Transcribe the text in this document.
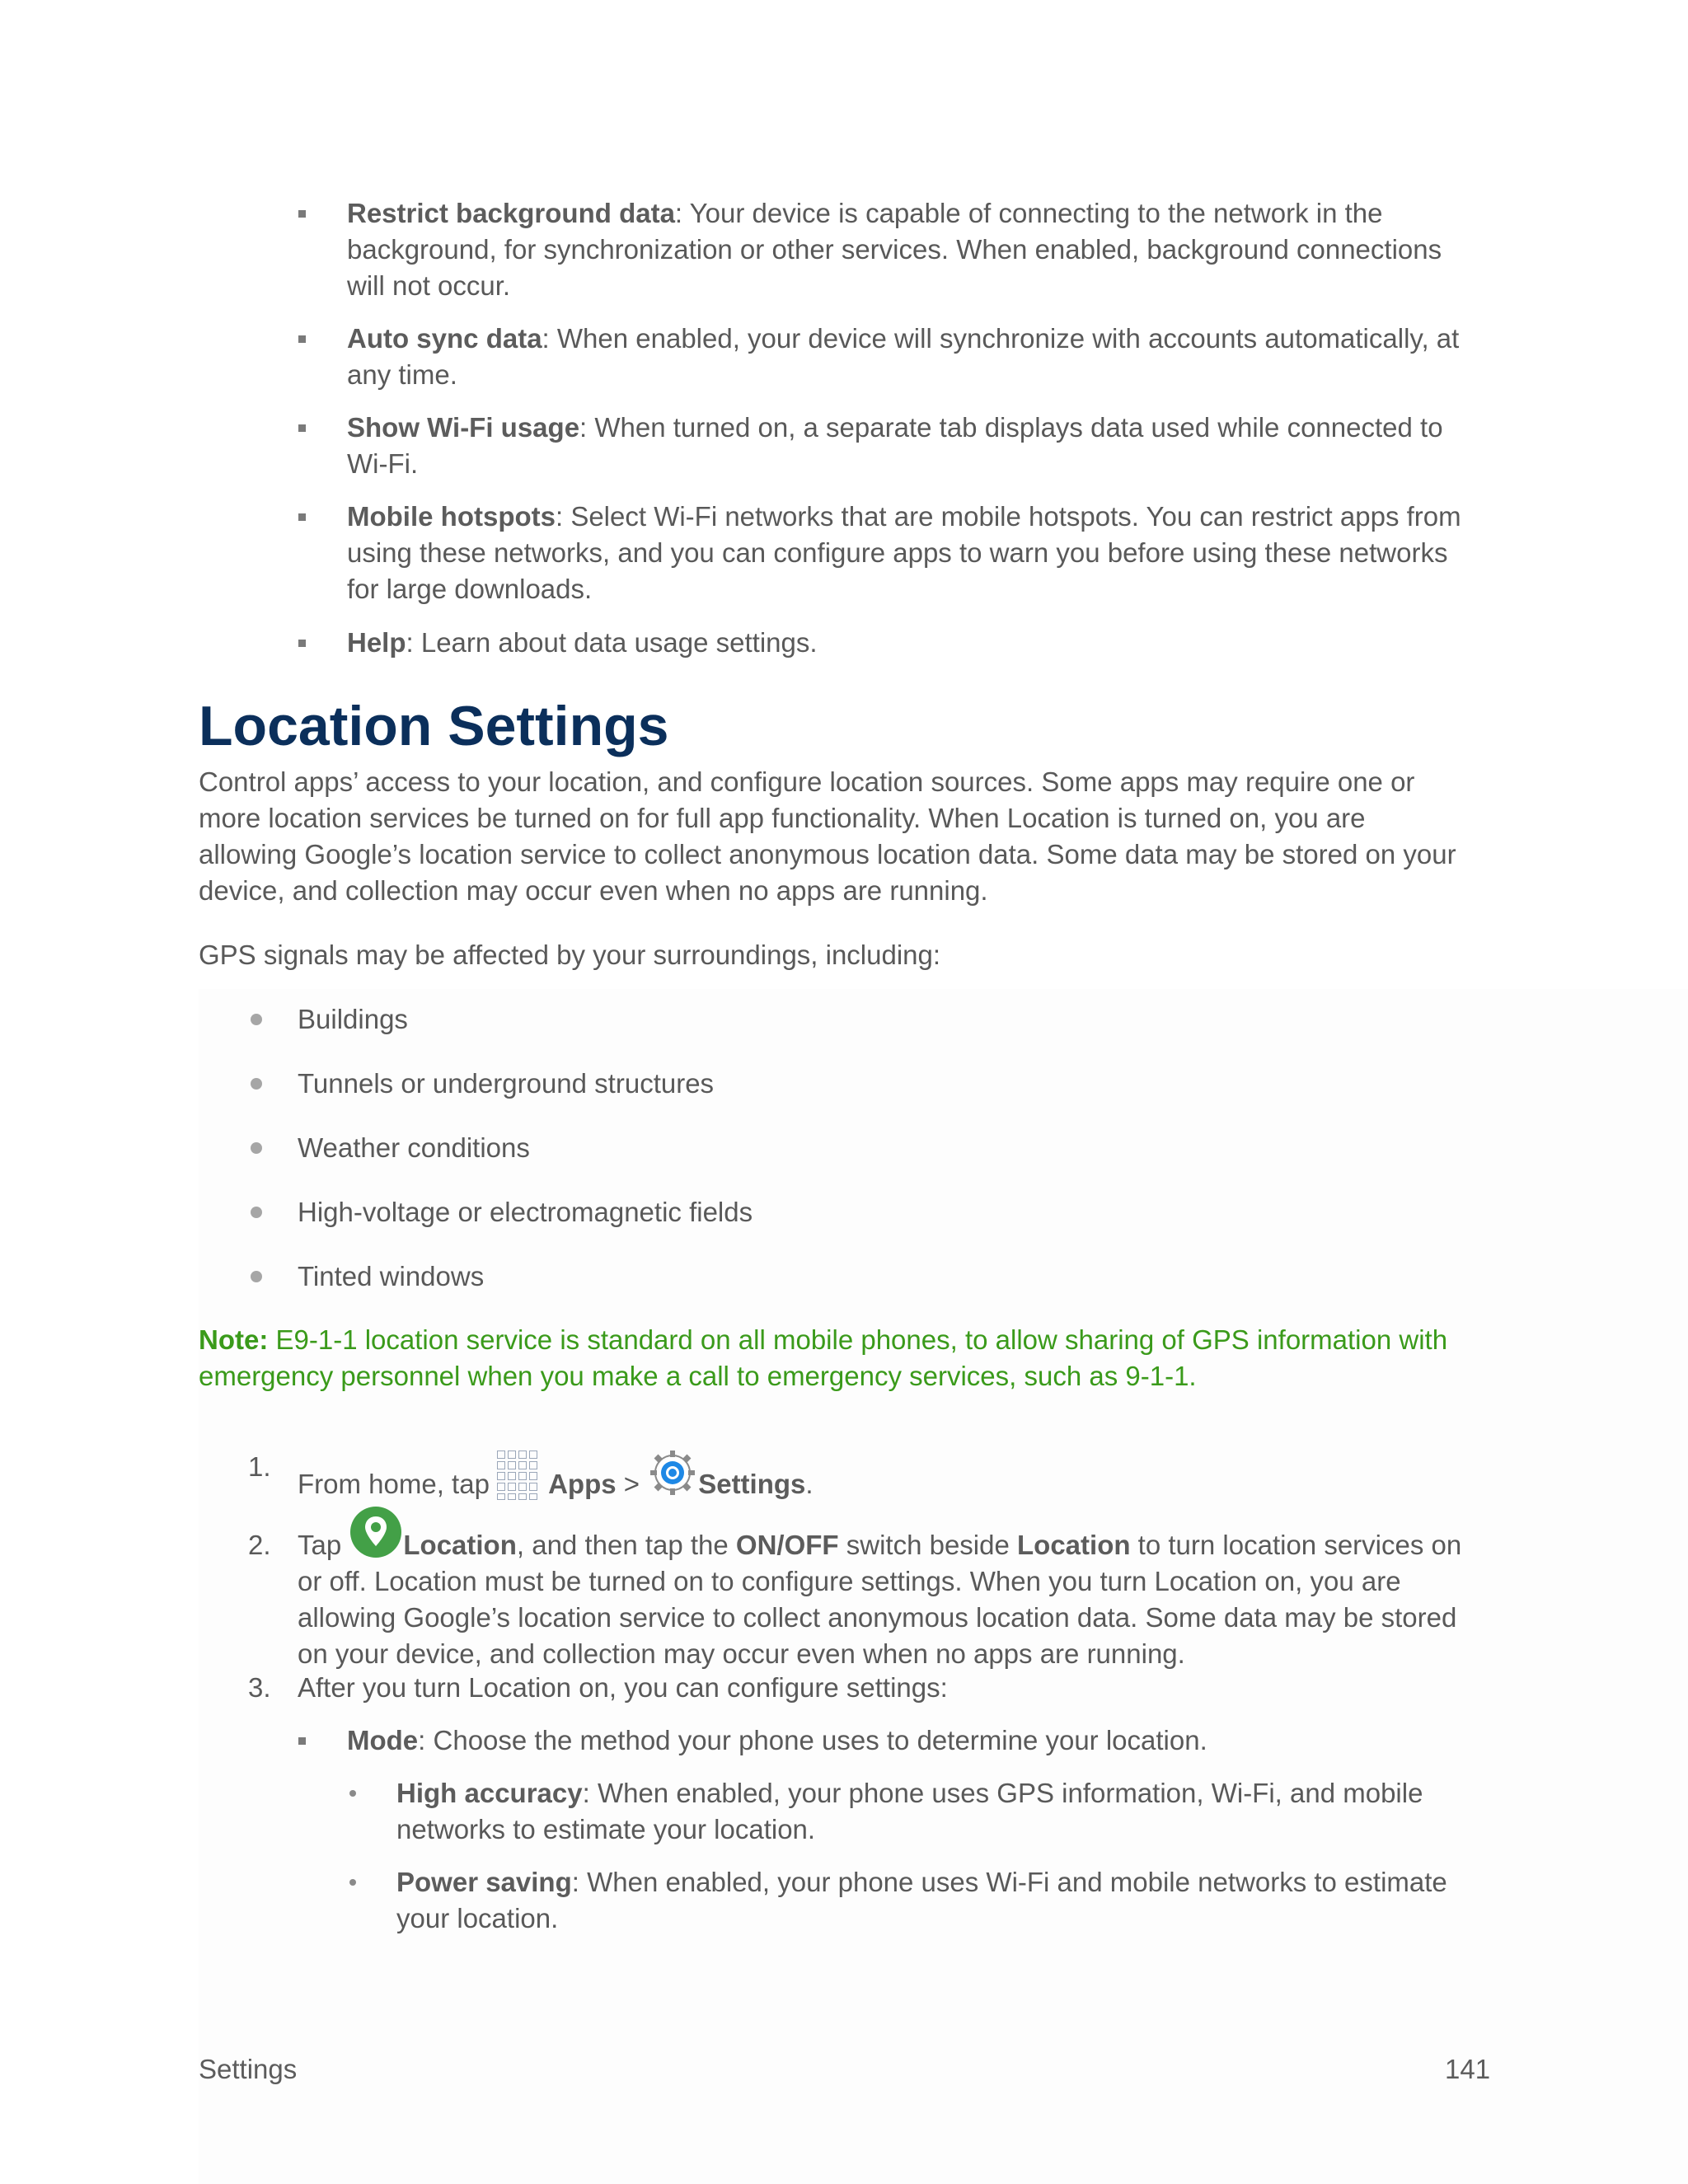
Restrict background data: Your device is capable of connecting to the network in the
background, for synchronization or other services. When enabled, background connections
will not occur.
Auto sync data: When enabled, your device will synchronize with accounts automatically, at
any time.
Show Wi-Fi usage: When turned on, a separate tab displays data used while connected to
Wi-Fi.
Mobile hotspots: Select Wi-Fi networks that are mobile hotspots. You can restrict apps from
using these networks, and you can configure apps to warn you before using these networks
for large downloads.
Help: Learn about data usage settings.
Location Settings
Control apps’ access to your location, and configure location sources. Some apps may require one or
more location services be turned on for full app functionality. When Location is turned on, you are
allowing Google’s location service to collect anonymous location data. Some data may be stored on your
device, and collection may occur even when no apps are running.
GPS signals may be affected by your surroundings, including:
Buildings
Tunnels or underground structures
Weather conditions
High-voltage or electromagnetic fields
Tinted windows
Note: E9-1-1 location service is standard on all mobile phones, to allow sharing of GPS information with
emergency personnel when you make a call to emergency services, such as 9-1-1.
1.
From home, tap
Apps > Settings.
2. Tap Location, and then tap the ON/OFF switch beside Location to turn location services on
or off. Location must be turned on to configure settings. When you turn Location on, you are
allowing Google’s location service to collect anonymous location data. Some data may be stored
on your device, and collection may occur even when no apps are running.
3. After you turn Location on, you can configure settings:
Mode: Choose the method your phone uses to determine your location.
High accuracy: When enabled, your phone uses GPS information, Wi-Fi, and mobile
networks to estimate your location.
Power saving: When enabled, your phone uses Wi-Fi and mobile networks to estimate
your location.
Settings	141
